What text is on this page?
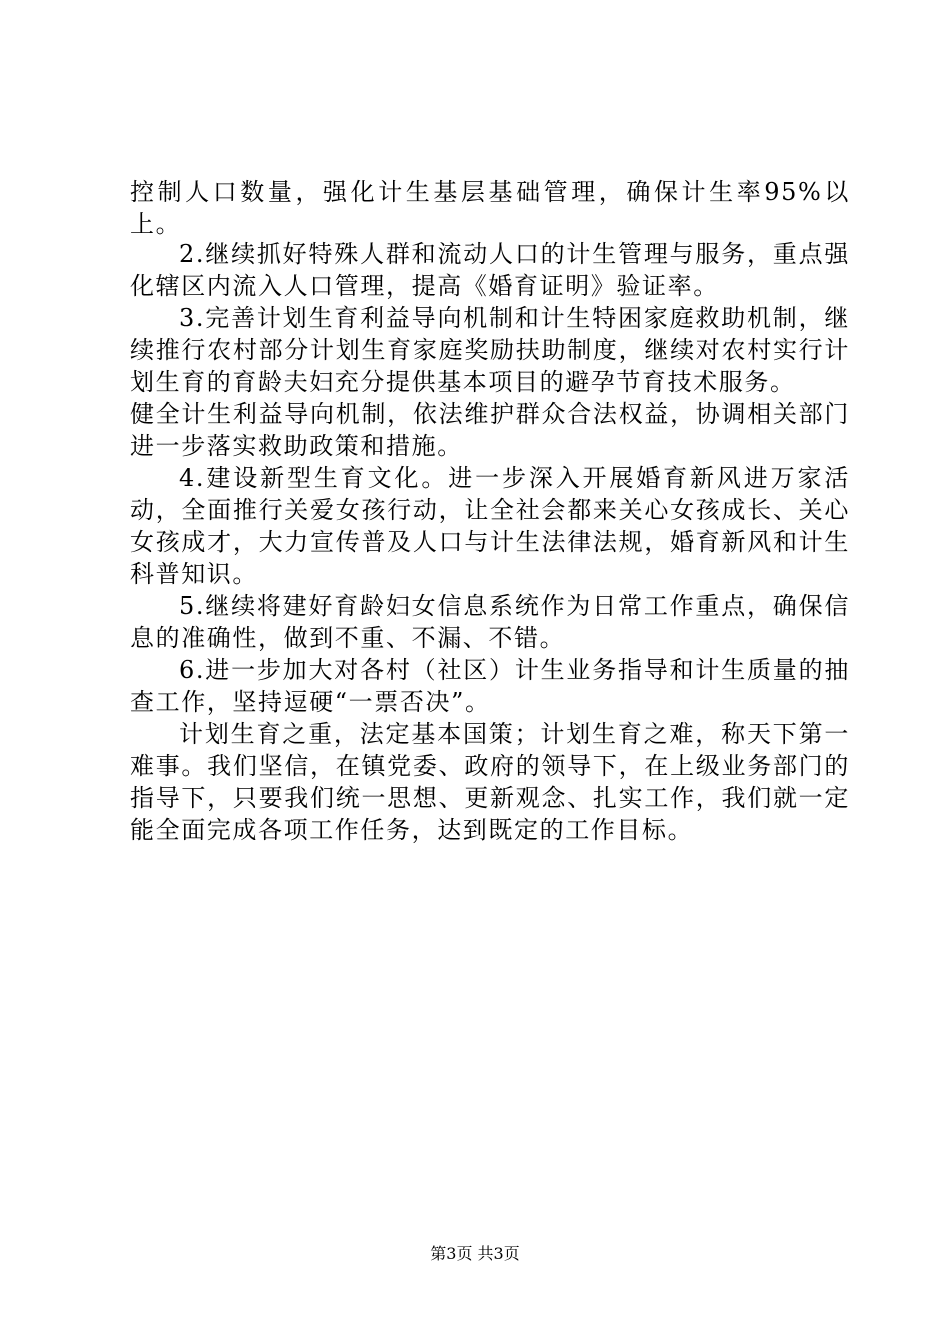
控制人口数量，强化计生基层基础管理，确保计生率95%以上。

2.继续抓好特殊人群和流动人口的计生管理与服务，重点强化辖区内流入人口管理，提高《婚育证明》验证率。

3.完善计划生育利益导向机制和计生特困家庭救助机制，继续推行农村部分计划生育家庭奖励扶助制度，继续对农村实行计划生育的育龄夫妇充分提供基本项目的避孕节育技术服务。

健全计生利益导向机制，依法维护群众合法权益，协调相关部门进一步落实救助政策和措施。

4.建设新型生育文化。进一步深入开展婚育新风进万家活动，全面推行关爱女孩行动，让全社会都来关心女孩成长、关心女孩成才，大力宣传普及人口与计生法律法规，婚育新风和计生科普知识。

5.继续将建好育龄妇女信息系统作为日常工作重点，确保信息的准确性，做到不重、不漏、不错。

6.进一步加大对各村（社区）计生业务指导和计生质量的抽查工作，坚持逗硬“一票否决”。

计划生育之重，法定基本国策；计划生育之难，称天下第一难事。我们坚信，在镇党委、政府的领导下，在上级业务部门的指导下，只要我们统一思想、更新观念、扎实工作，我们就一定能全面完成各项工作任务，达到既定的工作目标。

第3页 共3页
